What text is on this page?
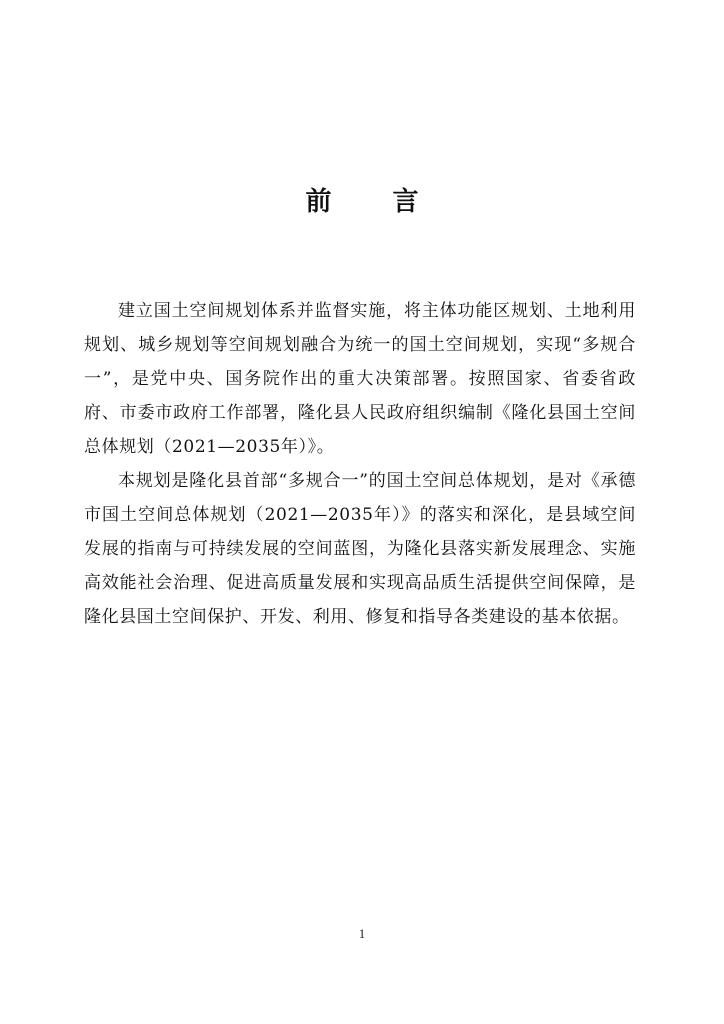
前 言

建立国土空间规划体系并监督实施，将主体功能区规划、土地利用规划、城乡规划等空间规划融合为统一的国土空间规划，实现“多规合一”，是党中央、国务院作出的重大决策部署。按照国家、省委省政府、市委市政府工作部署，隆化县人民政府组织编制《隆化县国土空间总体规划（2021—2035年）》。

本规划是隆化县首部“多规合一”的国土空间总体规划，是对《承德市国土空间总体规划（2021—2035年）》的落实和深化，是县域空间发展的指南与可持续发展的空间蓝图，为隆化县落实新发展理念、实施高效能社会治理、促进高质量发展和实现高品质生活提供空间保障，是隆化县国土空间保护、开发、利用、修复和指导各类建设的基本依据。

1
